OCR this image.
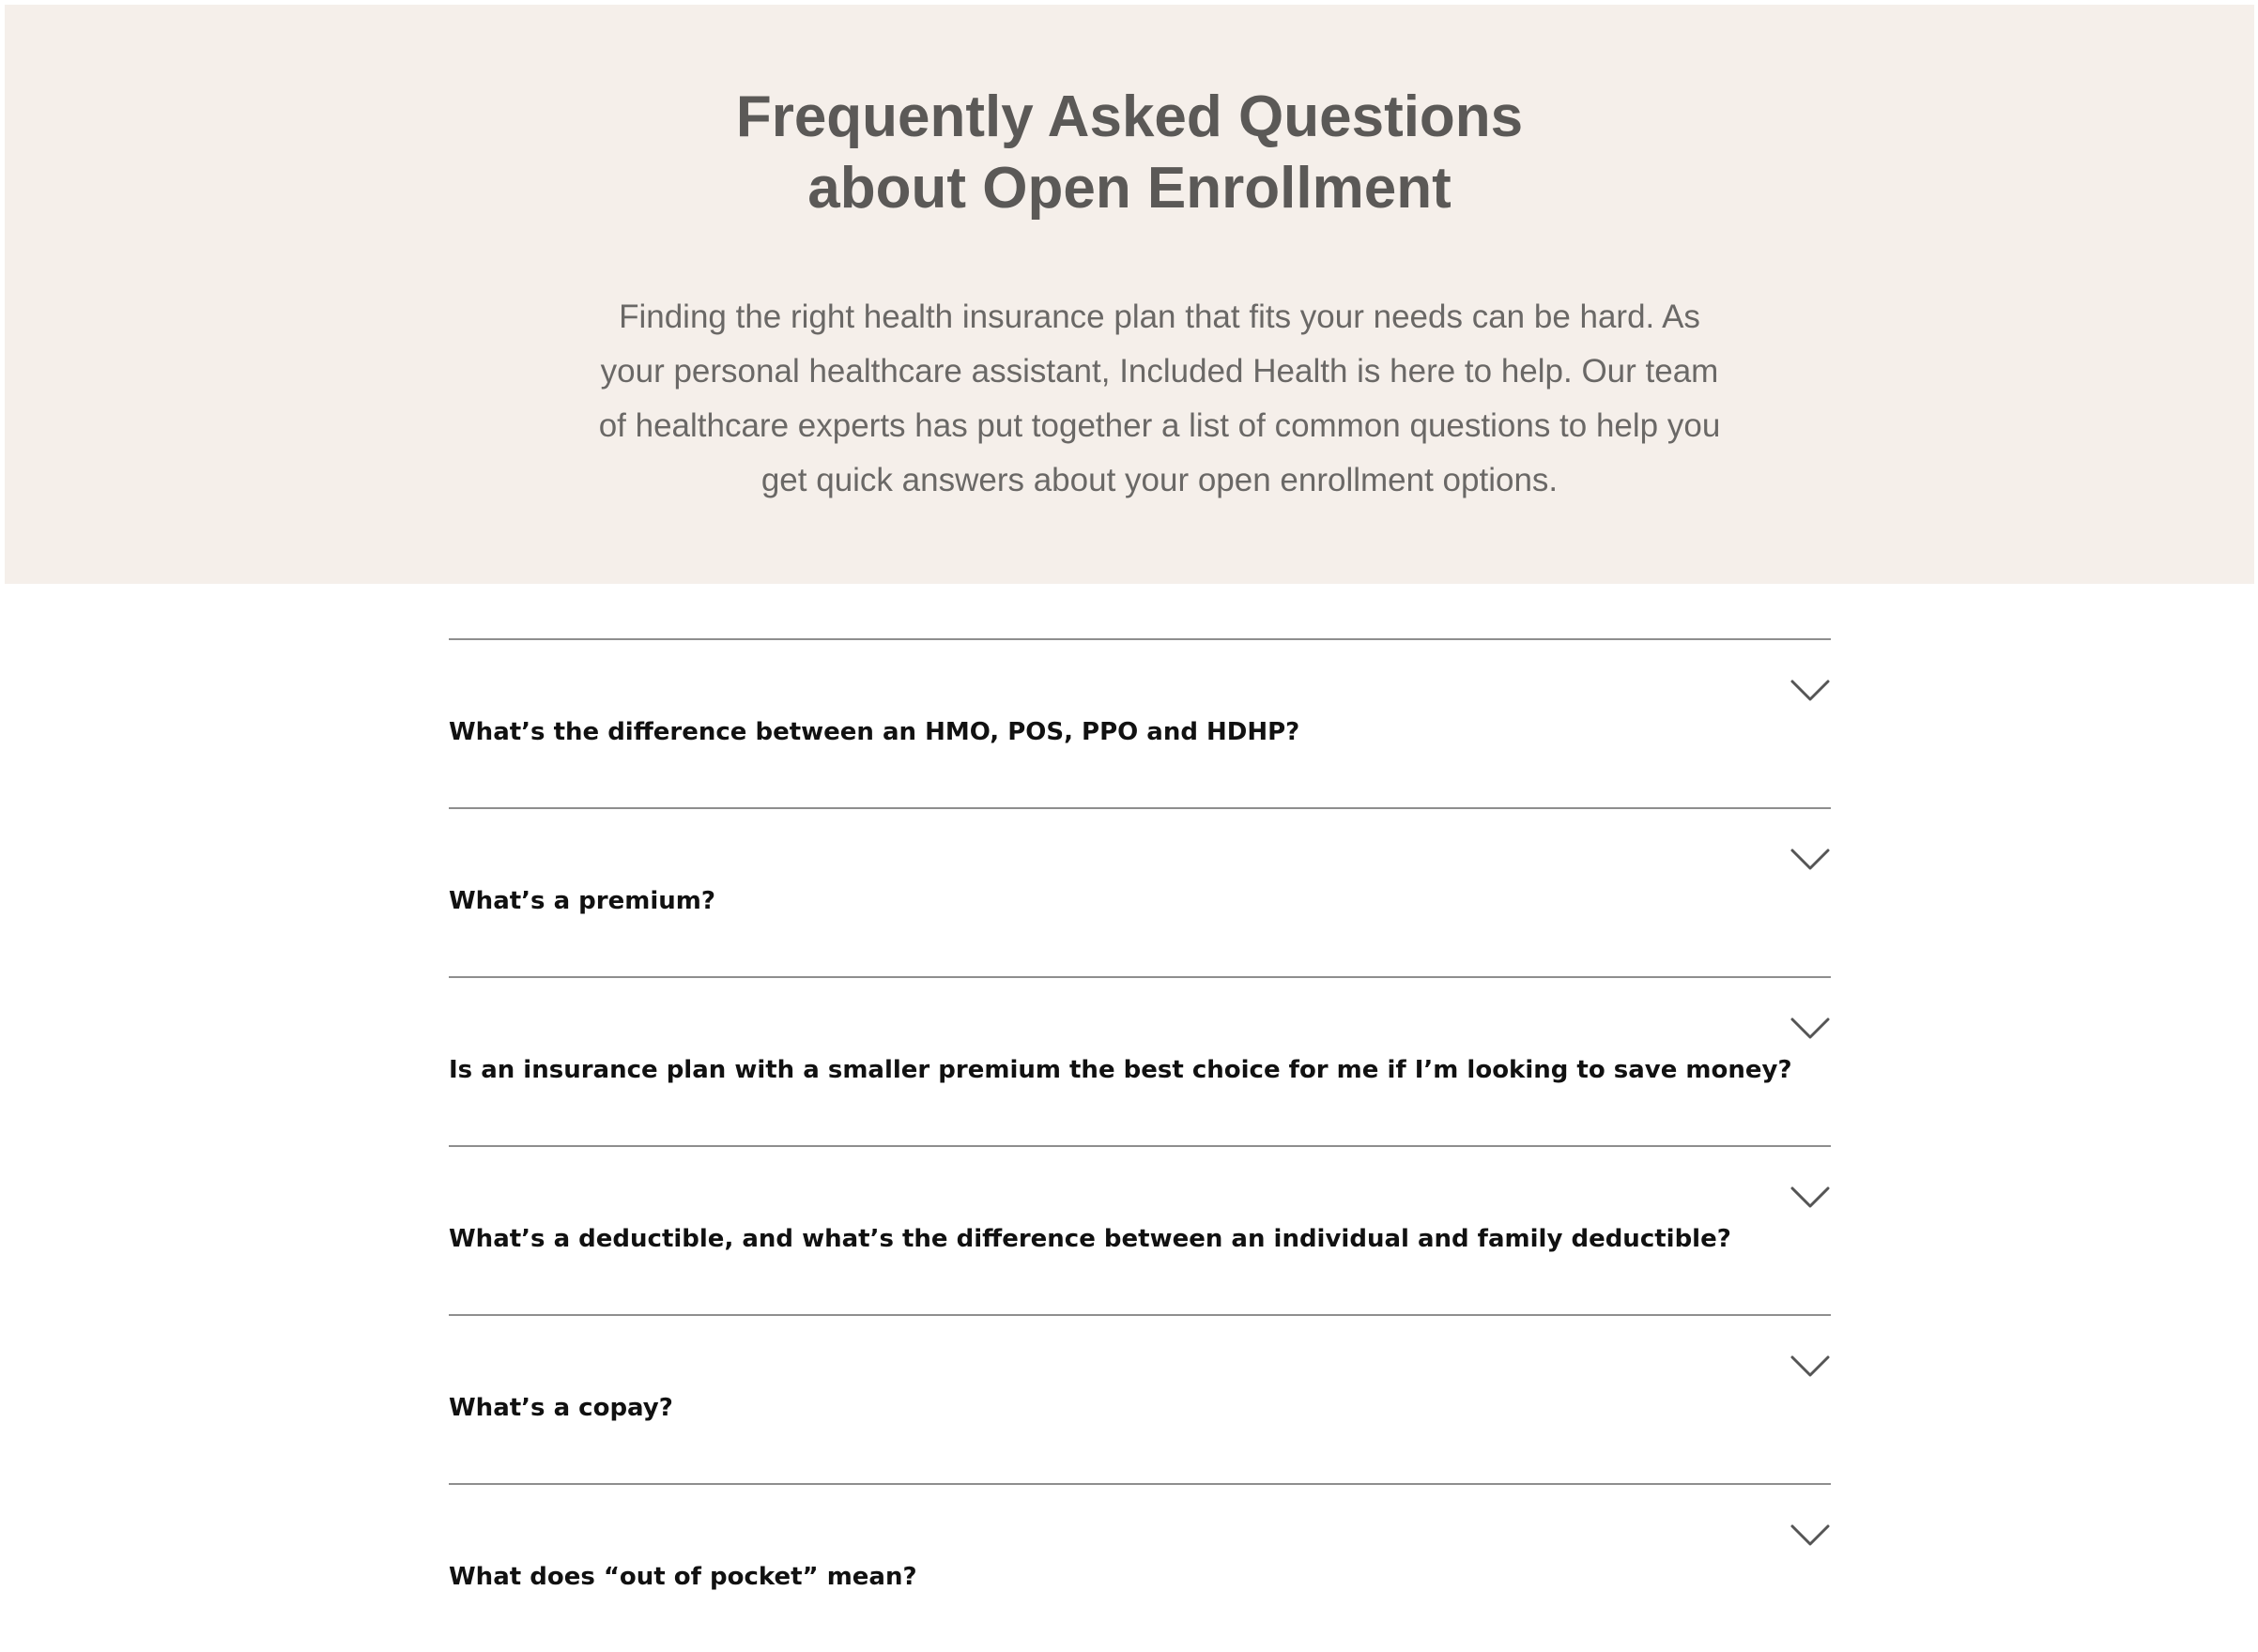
Frequently Asked Questions
about Open Enrollment

Finding the right health insurance plan that fits your needs can be hard. As
your personal healthcare assistant, Included Health is here to help. Our team
of healthcare experts has put together a list of common questions to help you
get quick answers about your open enrollment options.

What’s the difference between an HMO, POS, PPO and HDHP?
What’s a premium?
Is an insurance plan with a smaller premium the best choice for me if I’m looking to save money?
What’s a deductible, and what’s the difference between an individual and family deductible?
What’s a copay?
What does “out of pocket” mean?
